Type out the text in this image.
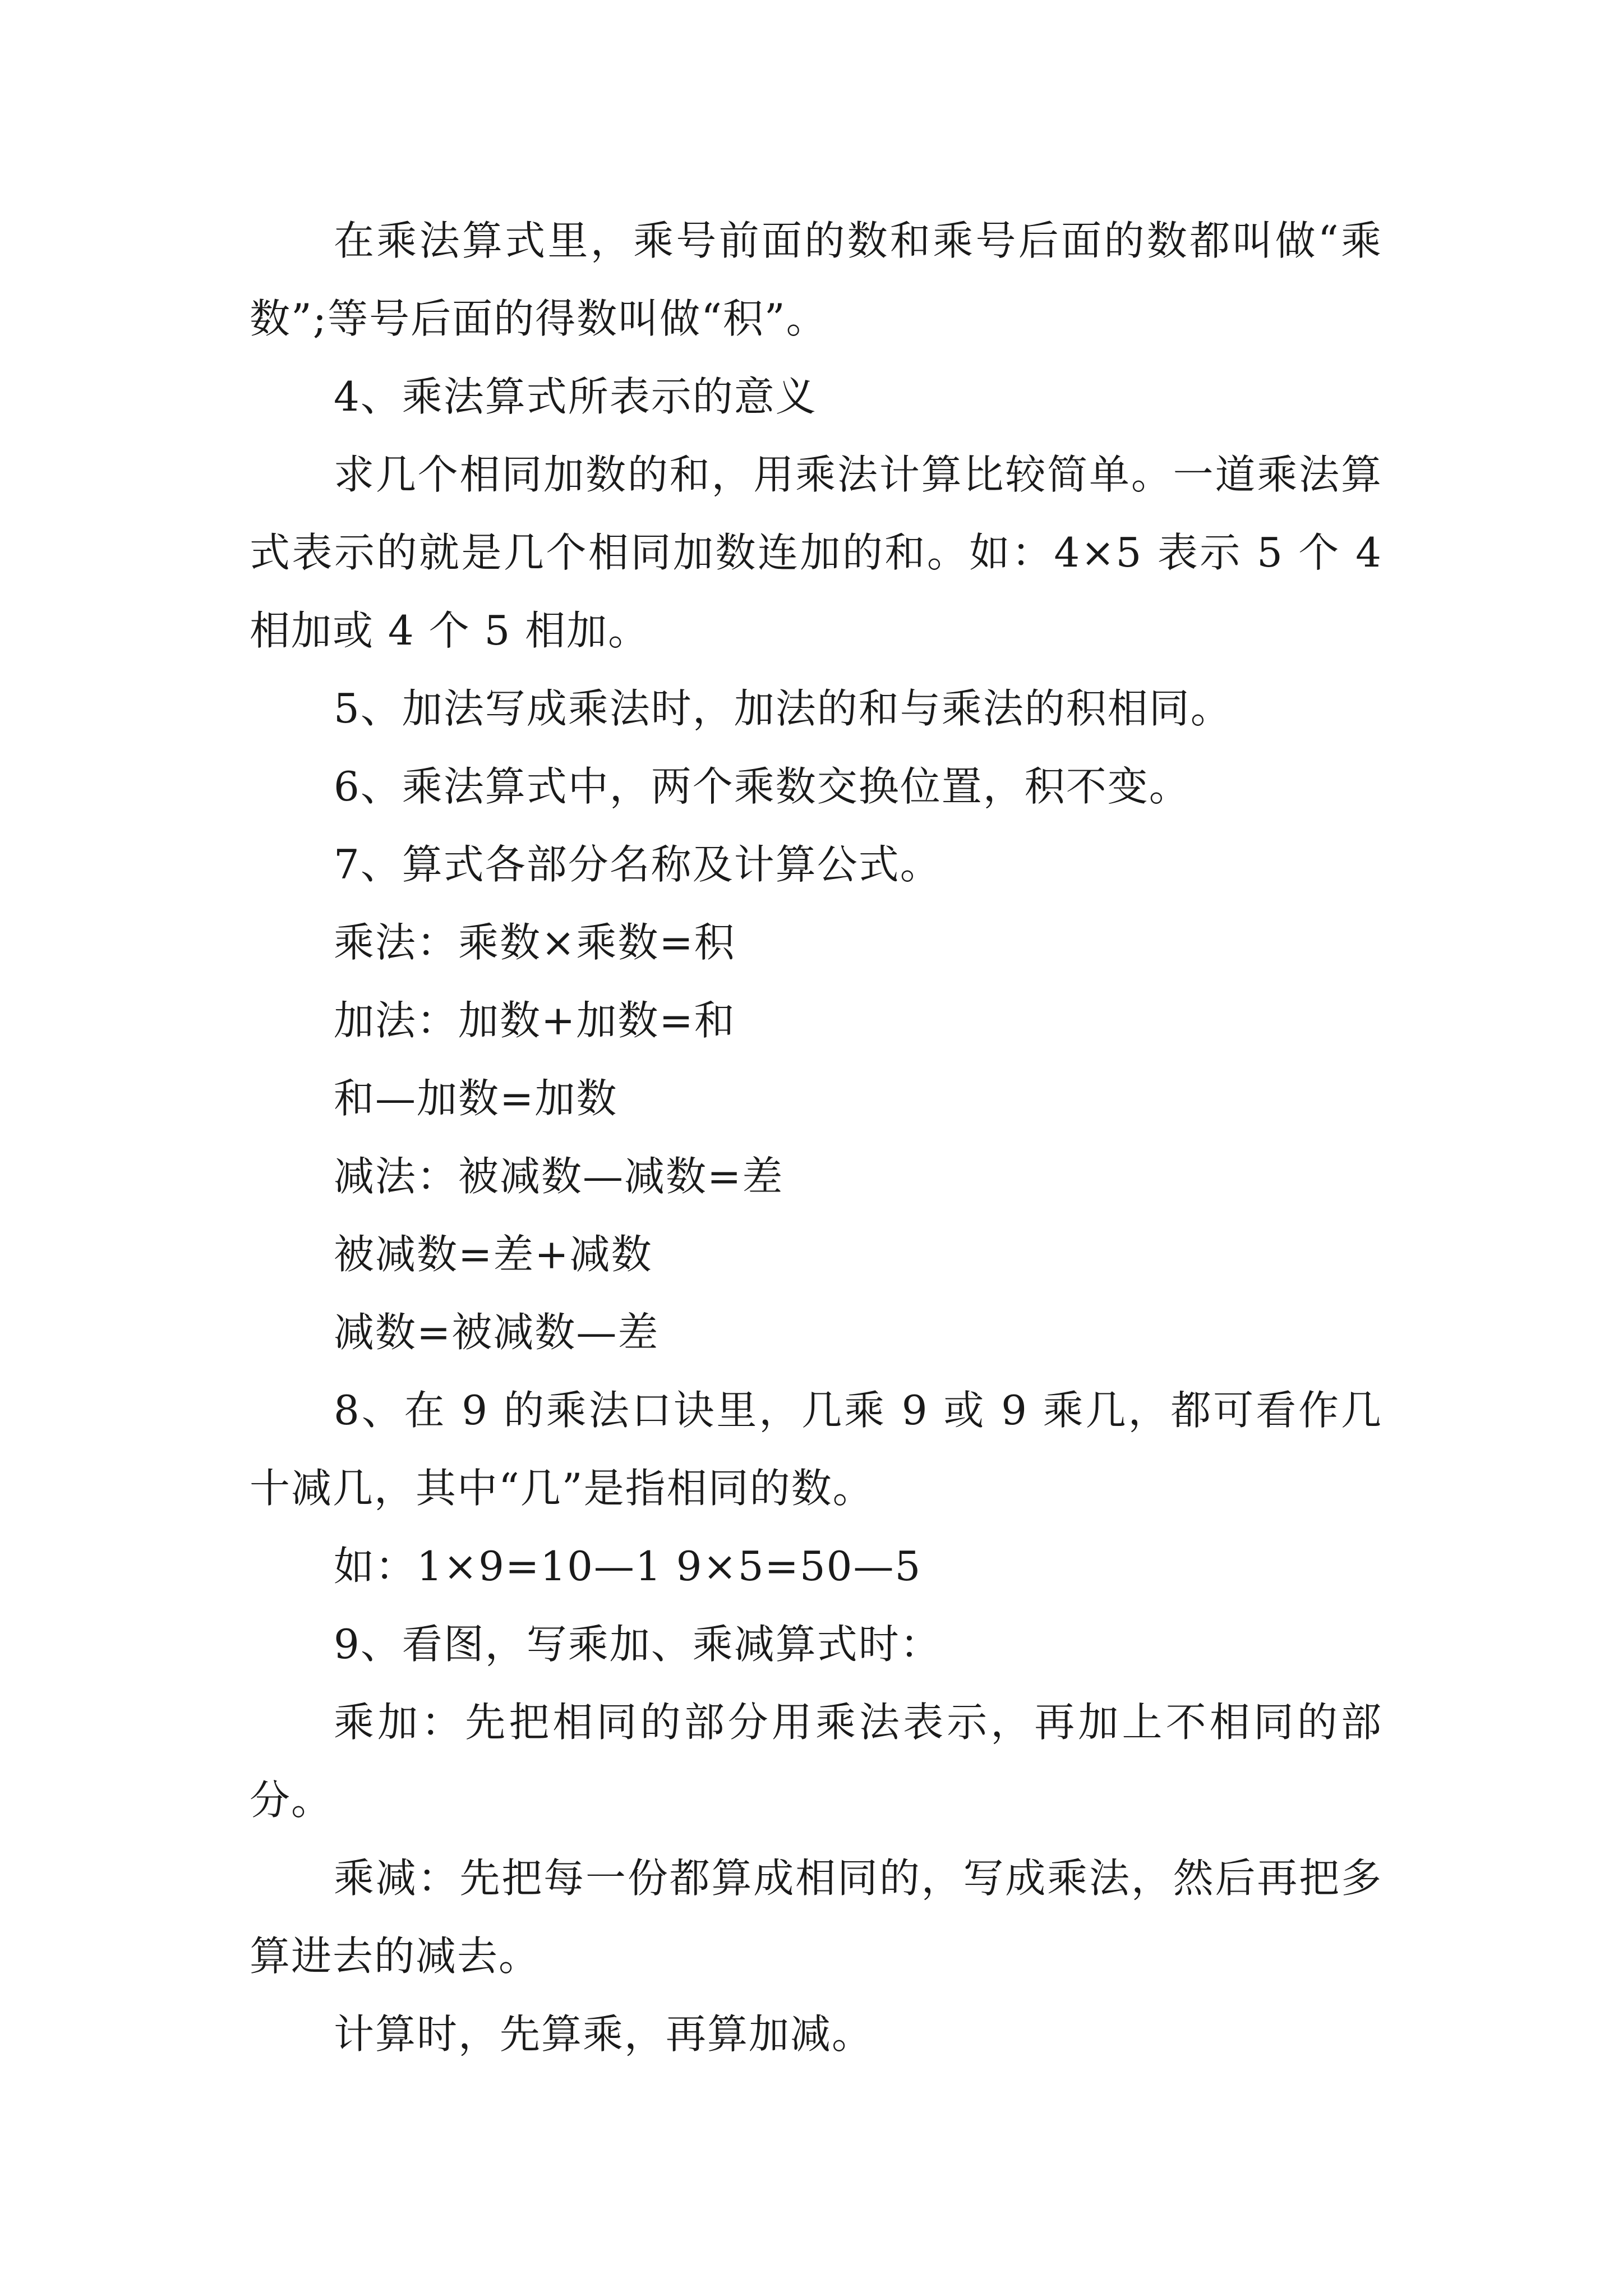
在乘法算式里，乘号前面的数和乘号后面的数都叫做“乘数”;等号后面的得数叫做“积”。

4、乘法算式所表示的意义

求几个相同加数的和，用乘法计算比较简单。一道乘法算式表示的就是几个相同加数连加的和。如：4×5 表示 5 个 4 相加或 4 个 5 相加。

5、加法写成乘法时，加法的和与乘法的积相同。

6、乘法算式中，两个乘数交换位置，积不变。

7、算式各部分名称及计算公式。

乘法：乘数×乘数=积

加法：加数+加数=和

和—加数=加数

减法：被减数—减数=差

被减数=差+减数

减数=被减数—差

8、在 9 的乘法口诀里，几乘 9 或 9 乘几，都可看作几十减几，其中“几”是指相同的数。

如：1×9=10—1 9×5=50—5

9、看图，写乘加、乘减算式时：

乘加：先把相同的部分用乘法表示，再加上不相同的部分。

乘减：先把每一份都算成相同的，写成乘法，然后再把多算进去的减去。

计算时，先算乘，再算加减。
